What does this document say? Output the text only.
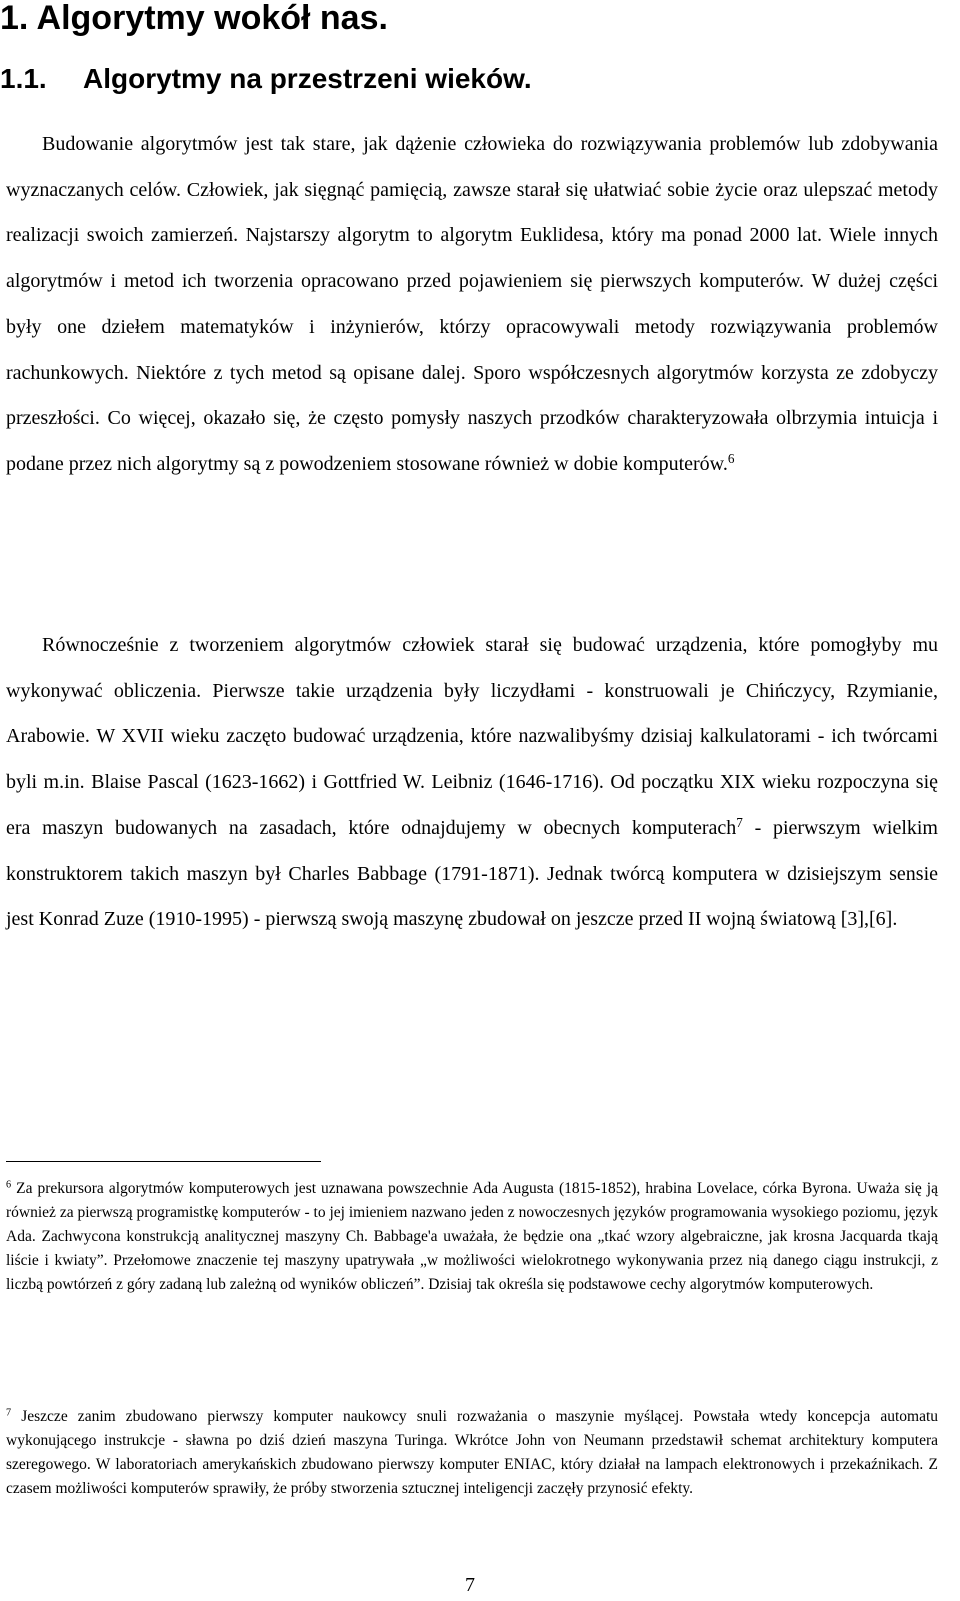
1. Algorytmy wokół nas.
1.1. Algorytmy na przestrzeni wieków.

Budowanie algorytmów jest tak stare, jak dążenie człowieka do rozwiązywania problemów lub zdobywania wyznaczanych celów. Człowiek, jak sięgnąć pamięcią, zawsze starał się ułatwiać sobie życie oraz ulepszać metody realizacji swoich zamierzeń. Najstarszy algorytm to algorytm Euklidesa, który ma ponad 2000 lat. Wiele innych algorytmów i metod ich tworzenia opracowano przed pojawieniem się pierwszych komputerów. W dużej części były one dziełem matematyków i inżynierów, którzy opracowywali metody rozwiązywania problemów rachunkowych. Niektóre z tych metod są opisane dalej. Sporo współczesnych algorytmów korzysta ze zdobyczy przeszłości. Co więcej, okazało się, że często pomysły naszych przodków charakteryzowała olbrzymia intuicja i podane przez nich algorytmy są z powodzeniem stosowane również w dobie komputerów.$^6$

Równocześnie z tworzeniem algorytmów człowiek starał się budować urządzenia, które pomogłyby mu wykonywać obliczenia. Pierwsze takie urządzenia były liczydłami - konstruowali je Chińczycy, Rzymianie, Arabowie. W XVII wieku zaczęto budować urządzenia, które nazwalibyśmy dzisiaj kalkulatorami - ich twórcami byli m.in. Blaise Pascal (1623-1662) i Gottfried W. Leibniz (1646-1716). Od początku XIX wieku rozpoczyna się era maszyn budowanych na zasadach, które odnajdujemy w obecnych komputerach$^7$ - pierwszym wielkim konstruktorem takich maszyn był Charles Babbage (1791-1871). Jednak twórcą komputera w dzisiejszym sensie jest Konrad Zuze (1910-1995) - pierwszą swoją maszynę zbudował on jeszcze przed II wojną światową [3],[6].

$^6$ Za prekursora algorytmów komputerowych jest uznawana powszechnie Ada Augusta (1815-1852), hrabina Lovelace, córka Byrona. Uważa się ją również za pierwszą programistkę komputerów - to jej imieniem nazwano jeden z nowoczesnych języków programowania wysokiego poziomu, język Ada. Zachwycona konstrukcją analitycznej maszyny Ch. Babbage'a uważała, że będzie ona „tkać wzory algebraiczne, jak krosna Jacquarda tkają liście i kwiaty”. Przełomowe znaczenie tej maszyny upatrywała „w możliwości wielokrotnego wykonywania przez nią danego ciągu instrukcji, z liczbą powtórzeń z góry zadaną lub zależną od wyników obliczeń”. Dzisiaj tak określa się podstawowe cechy algorytmów komputerowych.

$^7$ Jeszcze zanim zbudowano pierwszy komputer naukowcy snuli rozważania o maszynie myślącej. Powstała wtedy koncepcja automatu wykonującego instrukcje - sławna po dziś dzień maszyna Turinga. Wkrótce John von Neumann przedstawił schemat architektury komputera szeregowego. W laboratoriach amerykańskich zbudowano pierwszy komputer ENIAC, który działał na lampach elektronowych i przekaźnikach. Z czasem możliwości komputerów sprawiły, że próby stworzenia sztucznej inteligencji zaczęły przynosić efekty.

7
